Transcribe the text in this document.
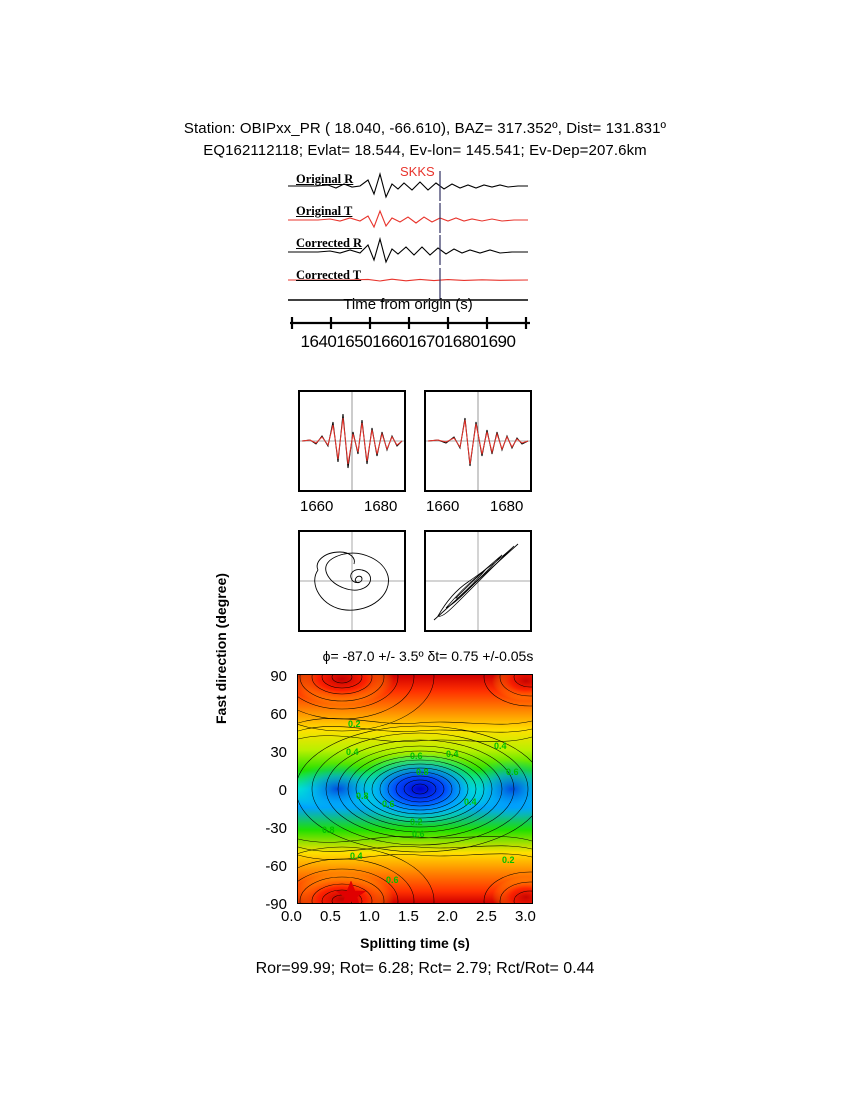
Station: OBIPxx_PR ( 18.040, -66.610), BAZ= 317.352º, Dist= 131.831º
EQ162112118; Evlat= 18.544, Ev-lon= 145.541; Ev-Dep=207.6km
SKKS
Original R
Original T
Corrected R
Corrected T
Time from origin (s)
164016501660167016801690
1660 1680 1660 1680
ϕ= -87.0 +/- 3.5º δt= 0.75 +/-0.05s
Fast direction (degree)	90
60
30
0
-30
-60
-90
0.2
0.4	0.6
0.8
0.4
0.6
0.8
0.6	0.4
0.2
0.6
0.8
0.4	0.2
0.6
0.4
0.0 0.5 1.0 1.5 2.0 2.5 3.0
Splitting time (s)
Ror=99.99; Rot= 6.28; Rct= 2.79; Rct/Rot= 0.44
